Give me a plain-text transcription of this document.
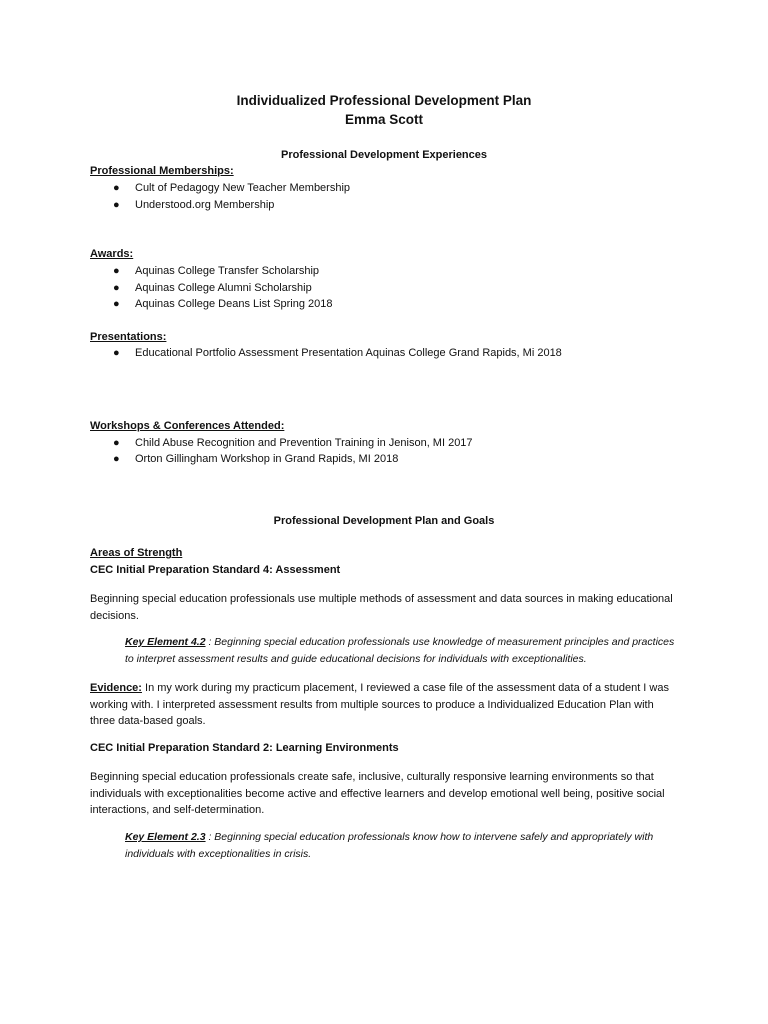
Individualized Professional Development Plan
Emma Scott
Professional Development Experiences
Professional Memberships:
● Cult of Pedagogy New Teacher Membership
● Understood.org Membership
Awards:
● Aquinas College Transfer Scholarship
● Aquinas College Alumni Scholarship
● Aquinas College Deans List Spring 2018
Presentations:
● Educational Portfolio Assessment Presentation Aquinas College Grand Rapids, Mi 2018
Workshops & Conferences Attended:
● Child Abuse Recognition and Prevention Training in Jenison, MI 2017
● Orton Gillingham Workshop in Grand Rapids, MI 2018
Professional Development Plan and Goals
Areas of Strength
CEC Initial Preparation Standard 4: Assessment
Beginning special education professionals use multiple methods of assessment and data sources in making educational decisions.
Key Element 4.2 : Beginning special education professionals use knowledge of measurement principles and practices to interpret assessment results and guide educational decisions for individuals with exceptionalities.
Evidence: In my work during my practicum placement, I reviewed a case file of the assessment data of a student I was working with. I interpreted assessment results from multiple sources to produce a Individualized Education Plan with three data-based goals.
CEC Initial Preparation Standard 2: Learning Environments
Beginning special education professionals create safe, inclusive, culturally responsive learning environments so that individuals with exceptionalities become active and effective learners and develop emotional well being, positive social interactions, and self-determination.
Key Element 2.3 : Beginning special education professionals know how to intervene safely and appropriately with individuals with exceptionalities in crisis.
